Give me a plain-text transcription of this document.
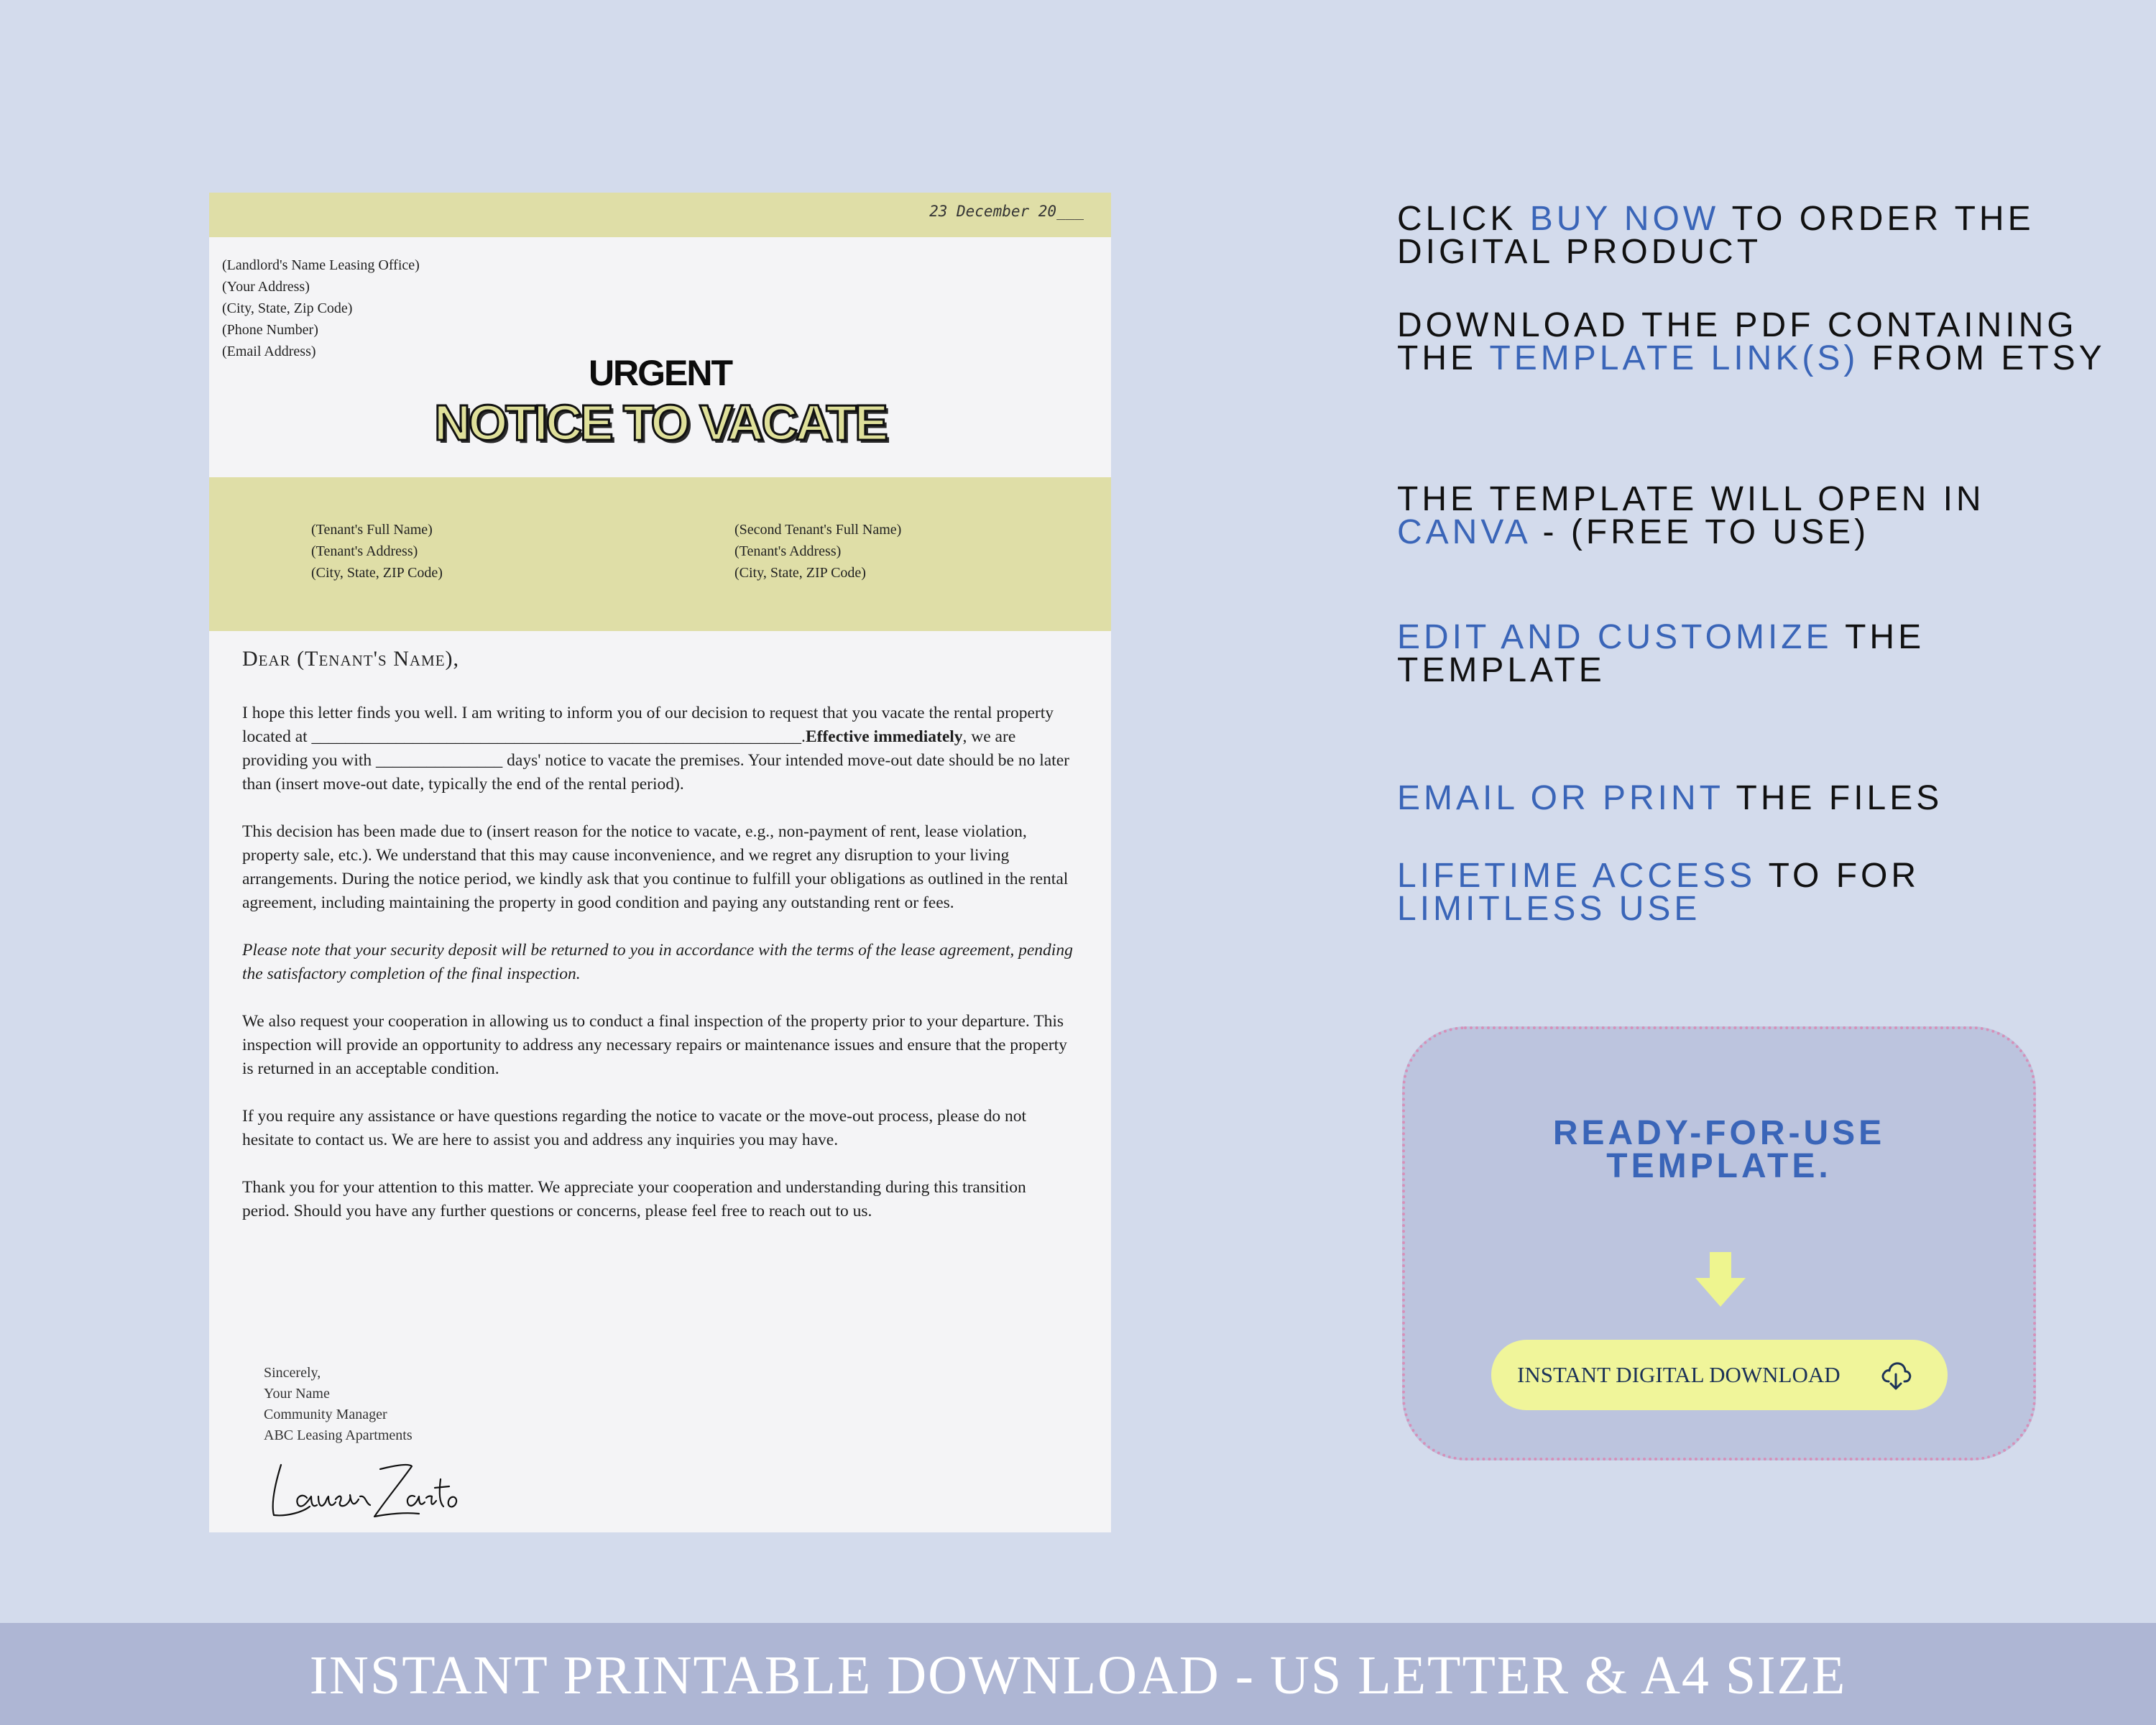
23 December 20___
(Landlord's Name Leasing Office)
(Your Address)
(City, State, Zip Code)
(Phone Number)
(Email Address)
URGENT
NOTICE TO VACATE
(Tenant's Full Name)
(Tenant's Address)
(City, State, ZIP Code)
(Second Tenant's Full Name)
(Tenant's Address)
(City, State, ZIP Code)
Dear (Tenant's Name),

I hope this letter finds you well. I am writing to inform you of our decision to request that you vacate the rental property located at __________________________________________________________.Effective immediately, we are providing you with _______________ days' notice to vacate the premises. Your intended move-out date should be no later than (insert move-out date, typically the end of the rental period).

This decision has been made due to (insert reason for the notice to vacate, e.g., non-payment of rent, lease violation, property sale, etc.). We understand that this may cause inconvenience, and we regret any disruption to your living arrangements. During the notice period, we kindly ask that you continue to fulfill your obligations as outlined in the rental agreement, including maintaining the property in good condition and paying any outstanding rent or fees.

Please note that your security deposit will be returned to you in accordance with the terms of the lease agreement, pending the satisfactory completion of the final inspection.

We also request your cooperation in allowing us to conduct a final inspection of the property prior to your departure. This inspection will provide an opportunity to address any necessary repairs or maintenance issues and ensure that the property is returned in an acceptable condition.

If you require any assistance or have questions regarding the notice to vacate or the move-out process, please do not hesitate to contact us. We are here to assist you and address any inquiries you may have.

Thank you for your attention to this matter. We appreciate your cooperation and understanding during this transition period. Should you have any further questions or concerns, please feel free to reach out to us.

Sincerely,
Your Name
Community Manager
ABC Leasing Apartments

CLICK BUY NOW TO ORDER THE DIGITAL PRODUCT

DOWNLOAD THE PDF CONTAINING THE TEMPLATE LINK(S) FROM ETSY

THE TEMPLATE WILL OPEN IN CANVA - (FREE TO USE)

EDIT AND CUSTOMIZE THE TEMPLATE

EMAIL OR PRINT THE FILES

LIFETIME ACCESS TO FOR LIMITLESS USE

READY-FOR-USE
TEMPLATE.
INSTANT DIGITAL DOWNLOAD
INSTANT PRINTABLE DOWNLOAD - US LETTER & A4 SIZE
